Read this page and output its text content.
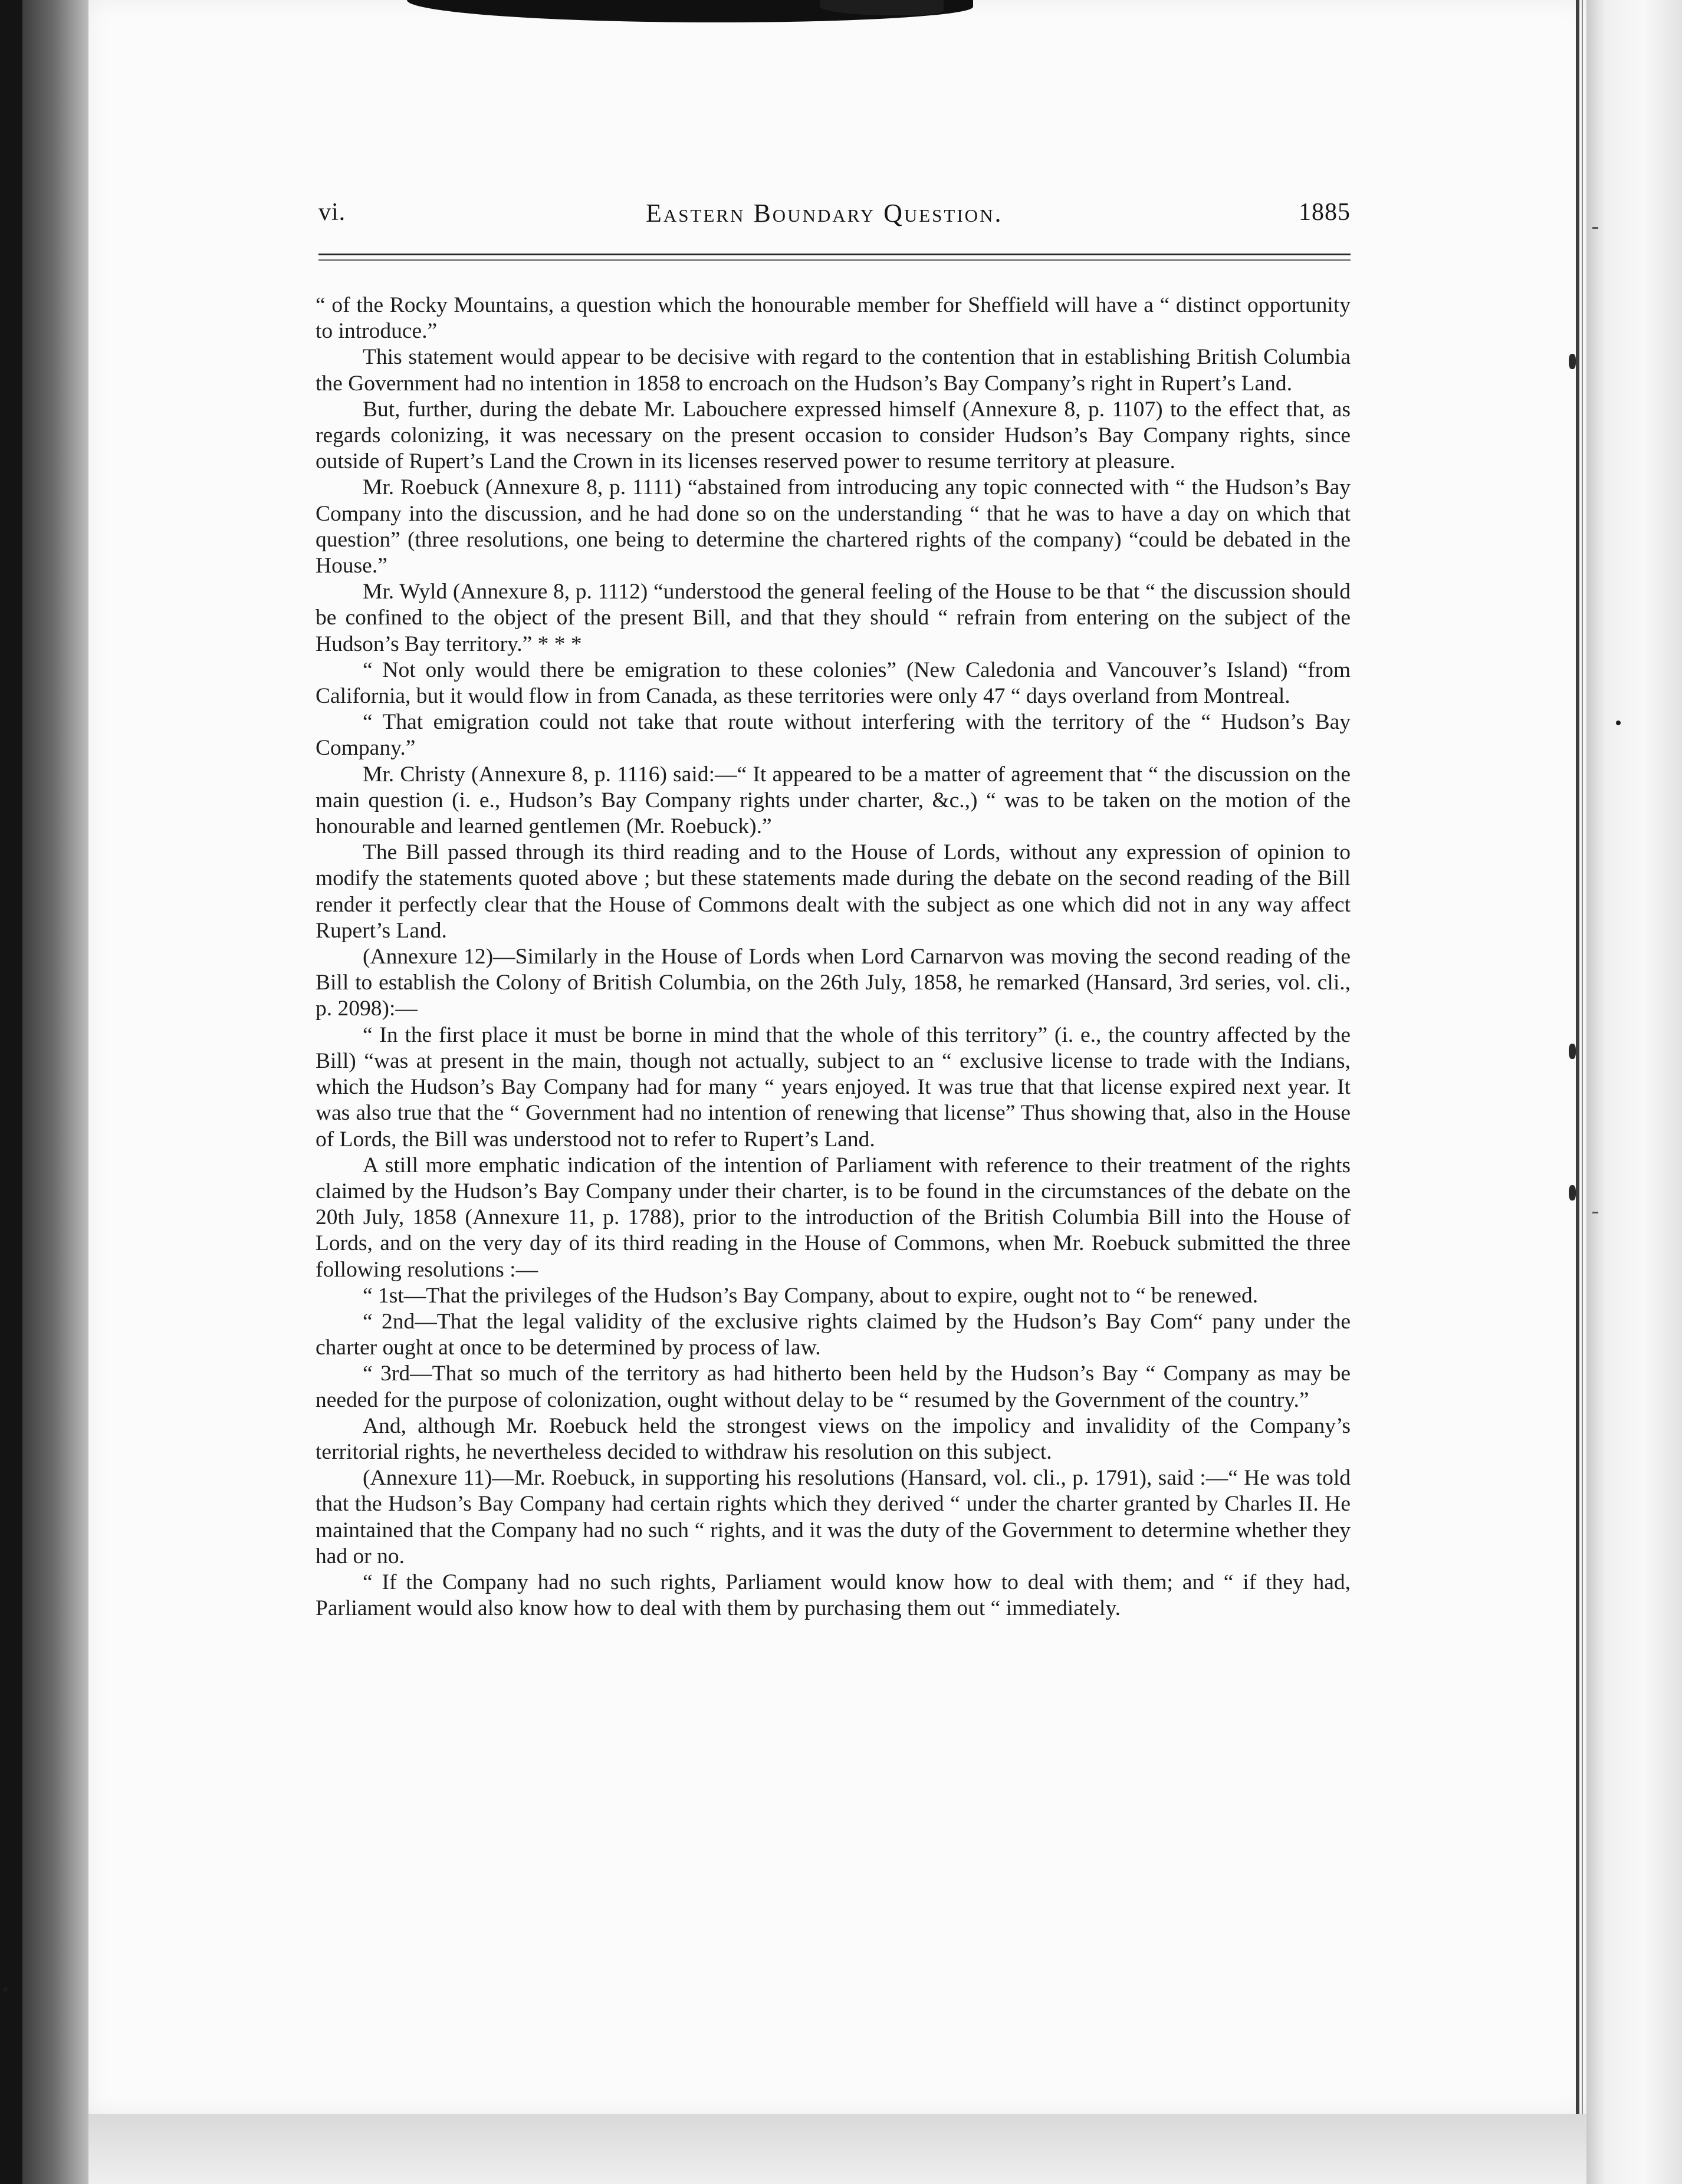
vi.	Eastern Boundary Question.	1885

“ of the Rocky Mountains, a question which the honourable member for Sheffield will have a “ distinct opportunity to introduce.”

This statement would appear to be decisive with regard to the contention that in establishing British Columbia the Government had no intention in 1858 to encroach on the Hudson’s Bay Company’s right in Rupert’s Land.

But, further, during the debate Mr. Labouchere expressed himself (Annexure 8, p. 1107) to the effect that, as regards colonizing, it was necessary on the present occasion to consider Hudson’s Bay Company rights, since outside of Rupert’s Land the Crown in its licenses reserved power to resume territory at pleasure.

Mr. Roebuck (Annexure 8, p. 1111) “abstained from introducing any topic connected with “ the Hudson’s Bay Company into the discussion, and he had done so on the understanding “ that he was to have a day on which that question” (three resolutions, one being to determine the chartered rights of the company) “could be debated in the House.”

Mr. Wyld (Annexure 8, p. 1112) “understood the general feeling of the House to be that “ the discussion should be confined to the object of the present Bill, and that they should “ refrain from entering on the subject of the Hudson’s Bay territory.” * * *

“ Not only would there be emigration to these colonies” (New Caledonia and Vancouver’s Island) “from California, but it would flow in from Canada, as these territories were only 47 “ days overland from Montreal.

“ That emigration could not take that route without interfering with the territory of the “ Hudson’s Bay Company.”

Mr. Christy (Annexure 8, p. 1116) said:—“ It appeared to be a matter of agreement that “ the discussion on the main question (i. e., Hudson’s Bay Company rights under charter, &c.,) “ was to be taken on the motion of the honourable and learned gentlemen (Mr. Roebuck).”

The Bill passed through its third reading and to the House of Lords, without any expression of opinion to modify the statements quoted above ; but these statements made during the debate on the second reading of the Bill render it perfectly clear that the House of Commons dealt with the subject as one which did not in any way affect Rupert’s Land.

(Annexure 12)—Similarly in the House of Lords when Lord Carnarvon was moving the second reading of the Bill to establish the Colony of British Columbia, on the 26th July, 1858, he remarked (Hansard, 3rd series, vol. cli., p. 2098):—

“ In the first place it must be borne in mind that the whole of this territory” (i. e., the country affected by the Bill) “was at present in the main, though not actually, subject to an “ exclusive license to trade with the Indians, which the Hudson’s Bay Company had for many “ years enjoyed. It was true that that license expired next year. It was also true that the “ Government had no intention of renewing that license” Thus showing that, also in the House of Lords, the Bill was understood not to refer to Rupert’s Land.

A still more emphatic indication of the intention of Parliament with reference to their treatment of the rights claimed by the Hudson’s Bay Company under their charter, is to be found in the circumstances of the debate on the 20th July, 1858 (Annexure 11, p. 1788), prior to the introduction of the British Columbia Bill into the House of Lords, and on the very day of its third reading in the House of Commons, when Mr. Roebuck submitted the three following resolutions :—

“ 1st—That the privileges of the Hudson’s Bay Company, about to expire, ought not to “ be renewed.

“ 2nd—That the legal validity of the exclusive rights claimed by the Hudson’s Bay Com“ pany under the charter ought at once to be determined by process of law.

“ 3rd—That so much of the territory as had hitherto been held by the Hudson’s Bay “ Company as may be needed for the purpose of colonization, ought without delay to be “ resumed by the Government of the country.”

And, although Mr. Roebuck held the strongest views on the impolicy and invalidity of the Company’s territorial rights, he nevertheless decided to withdraw his resolution on this subject.

(Annexure 11)—Mr. Roebuck, in supporting his resolutions (Hansard, vol. cli., p. 1791), said :—“ He was told that the Hudson’s Bay Company had certain rights which they derived “ under the charter granted by Charles II. He maintained that the Company had no such “ rights, and it was the duty of the Government to determine whether they had or no.

“ If the Company had no such rights, Parliament would know how to deal with them; and “ if they had, Parliament would also know how to deal with them by purchasing them out “ immediately.
